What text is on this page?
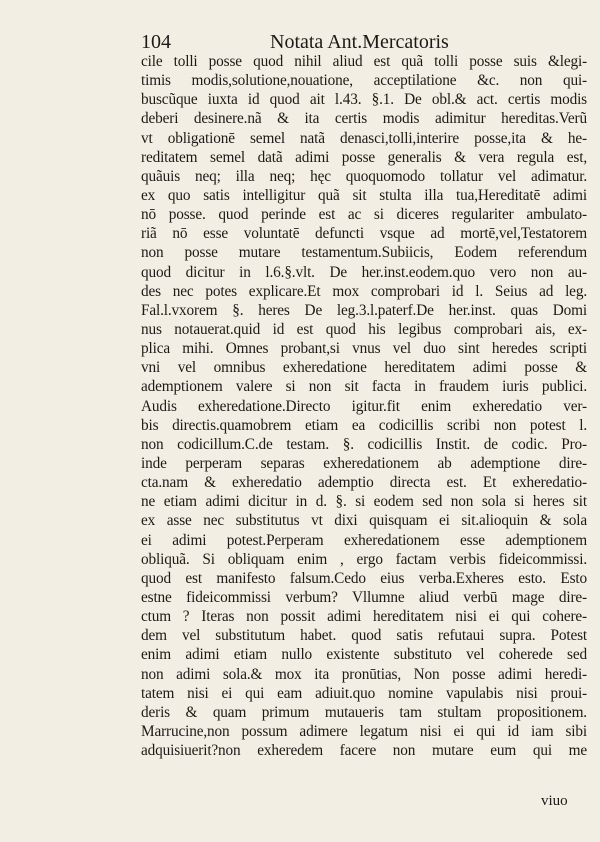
104	Notata Ant.Mercatoris
cile tolli posse quod nihil aliud est quã tolli posse suis &legi-
timis modis,solutione,nouatione, acceptilatione &c. non qui-
buscũque iuxta id quod ait l.43. §.1. De obl.& act. certis modis
deberi desinere.nã & ita certis modis adimitur hereditas.Verũ
vt obligationē semel natã denasci,tolli,interire posse,ita & he-
reditatem semel datã adimi posse generalis & vera regula est,
quãuis neq; illa neq; hęc quoquomodo tollatur vel adimatur.
ex quo satis intelligitur quã sit stulta illa tua,Hereditatē adimi
nō posse. quod perinde est ac si diceres regulariter ambulato-
riã nō esse voluntatē defuncti vsque ad mortē,vel,Testatorem
non posse mutare testamentum.Subiicis, Eodem referendum
quod dicitur in l.6.§.vlt. De her.inst.eodem.quo vero non au-
des nec potes explicare.Et mox comprobari id l. Seius ad leg.
Fal.l.vxorem §. heres De leg.3.l.paterf.De her.inst. quas Domi
nus notauerat.quid id est quod his legibus comprobari ais, ex-
plica mihi. Omnes probant,si vnus vel duo sint heredes scripti
vni vel omnibus exheredatione hereditatem adimi posse &
ademptionem valere si non sit facta in fraudem iuris publici.
Audis exheredatione.Directo igitur.fit enim exheredatio ver-
bis directis.quamobrem etiam ea codicillis scribi non potest l.
non codicillum.C.de testam. §. codicillis Instit. de codic. Pro-
inde perperam separas exheredationem ab ademptione dire-
cta.nam & exheredatio ademptio directa est. Et exheredatio-
ne etiam adimi dicitur in d. §. si eodem sed non sola si heres sit
ex asse nec substitutus vt dixi quisquam ei sit.alioquin & sola
ei adimi potest.Perperam exheredationem esse ademptionem
obliquã. Si obliquam enim , ergo factam verbis fideicommissi.
quod est manifesto falsum.Cedo eius verba.Exheres esto. Esto
estne fideicommissi verbum? Vllumne aliud verbū mage dire-
ctum ? Iteras non possit adimi hereditatem nisi ei qui cohere-
dem vel substitutum habet. quod satis refutaui supra. Potest
enim adimi etiam nullo existente substituto vel coherede sed
non adimi sola.& mox ita pronūtias, Non posse adimi heredi-
tatem nisi ei qui eam adiuit.quo nomine vapulabis nisi proui-
deris & quam primum mutaueris tam stultam propositionem.
Marrucine,non possum adimere legatum nisi ei qui id iam sibi
adquisiuerit?non exheredem facere non mutare eum qui me
viuo
